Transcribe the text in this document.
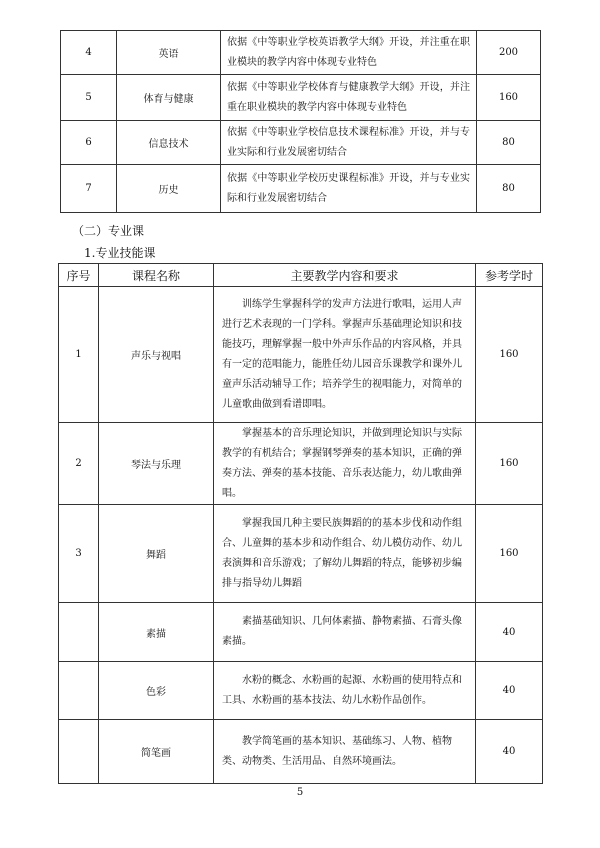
4	英语	依据《中等职业学校英语教学大纲》开设，并注重在职业模块的教学内容中体现专业特色	200
5	体育与健康	依据《中等职业学校体育与健康教学大纲》开设，并注重在职业模块的教学内容中体现专业特色	160
6	信息技术	依据《中等职业学校信息技术课程标准》开设，并与专业实际和行业发展密切结合	80
7	历史	依据《中等职业学校历史课程标准》开设，并与专业实际和行业发展密切结合	80
（二）专业课
1.专业技能课
序号	课程名称	主要教学内容和要求	参考学时
1	声乐与视唱	训练学生掌握科学的发声方法进行歌唱，运用人声进行艺术表现的一门学科。掌握声乐基础理论知识和技能技巧，理解掌握一般中外声乐作品的内容风格，并具有一定的范唱能力，能胜任幼儿园音乐课教学和课外儿童声乐活动辅导工作；培养学生的视唱能力，对简单的儿童歌曲做到看谱即唱。	160
2	琴法与乐理	掌握基本的音乐理论知识，并做到理论知识与实际教学的有机结合；掌握钢琴弹奏的基本知识，正确的弹奏方法、弹奏的基本技能、音乐表达能力，幼儿歌曲弹唱。	160
3	舞蹈	掌握我国几种主要民族舞蹈的的基本步伐和动作组合、儿童舞的基本步和动作组合、幼儿模仿动作、幼儿表演舞和音乐游戏；了解幼儿舞蹈的特点，能够初步编排与指导幼儿舞蹈	160
	素描	素描基础知识、几何体素描、静物素描、石膏头像素描。	40
	色彩	水粉的概念、水粉画的起源、水粉画的使用特点和工具、水粉画的基本技法、幼儿水粉作品创作。	40
	简笔画	教学简笔画的基本知识、基础练习、人物、植物类、动物类、生活用品、自然环境画法。	40
5
